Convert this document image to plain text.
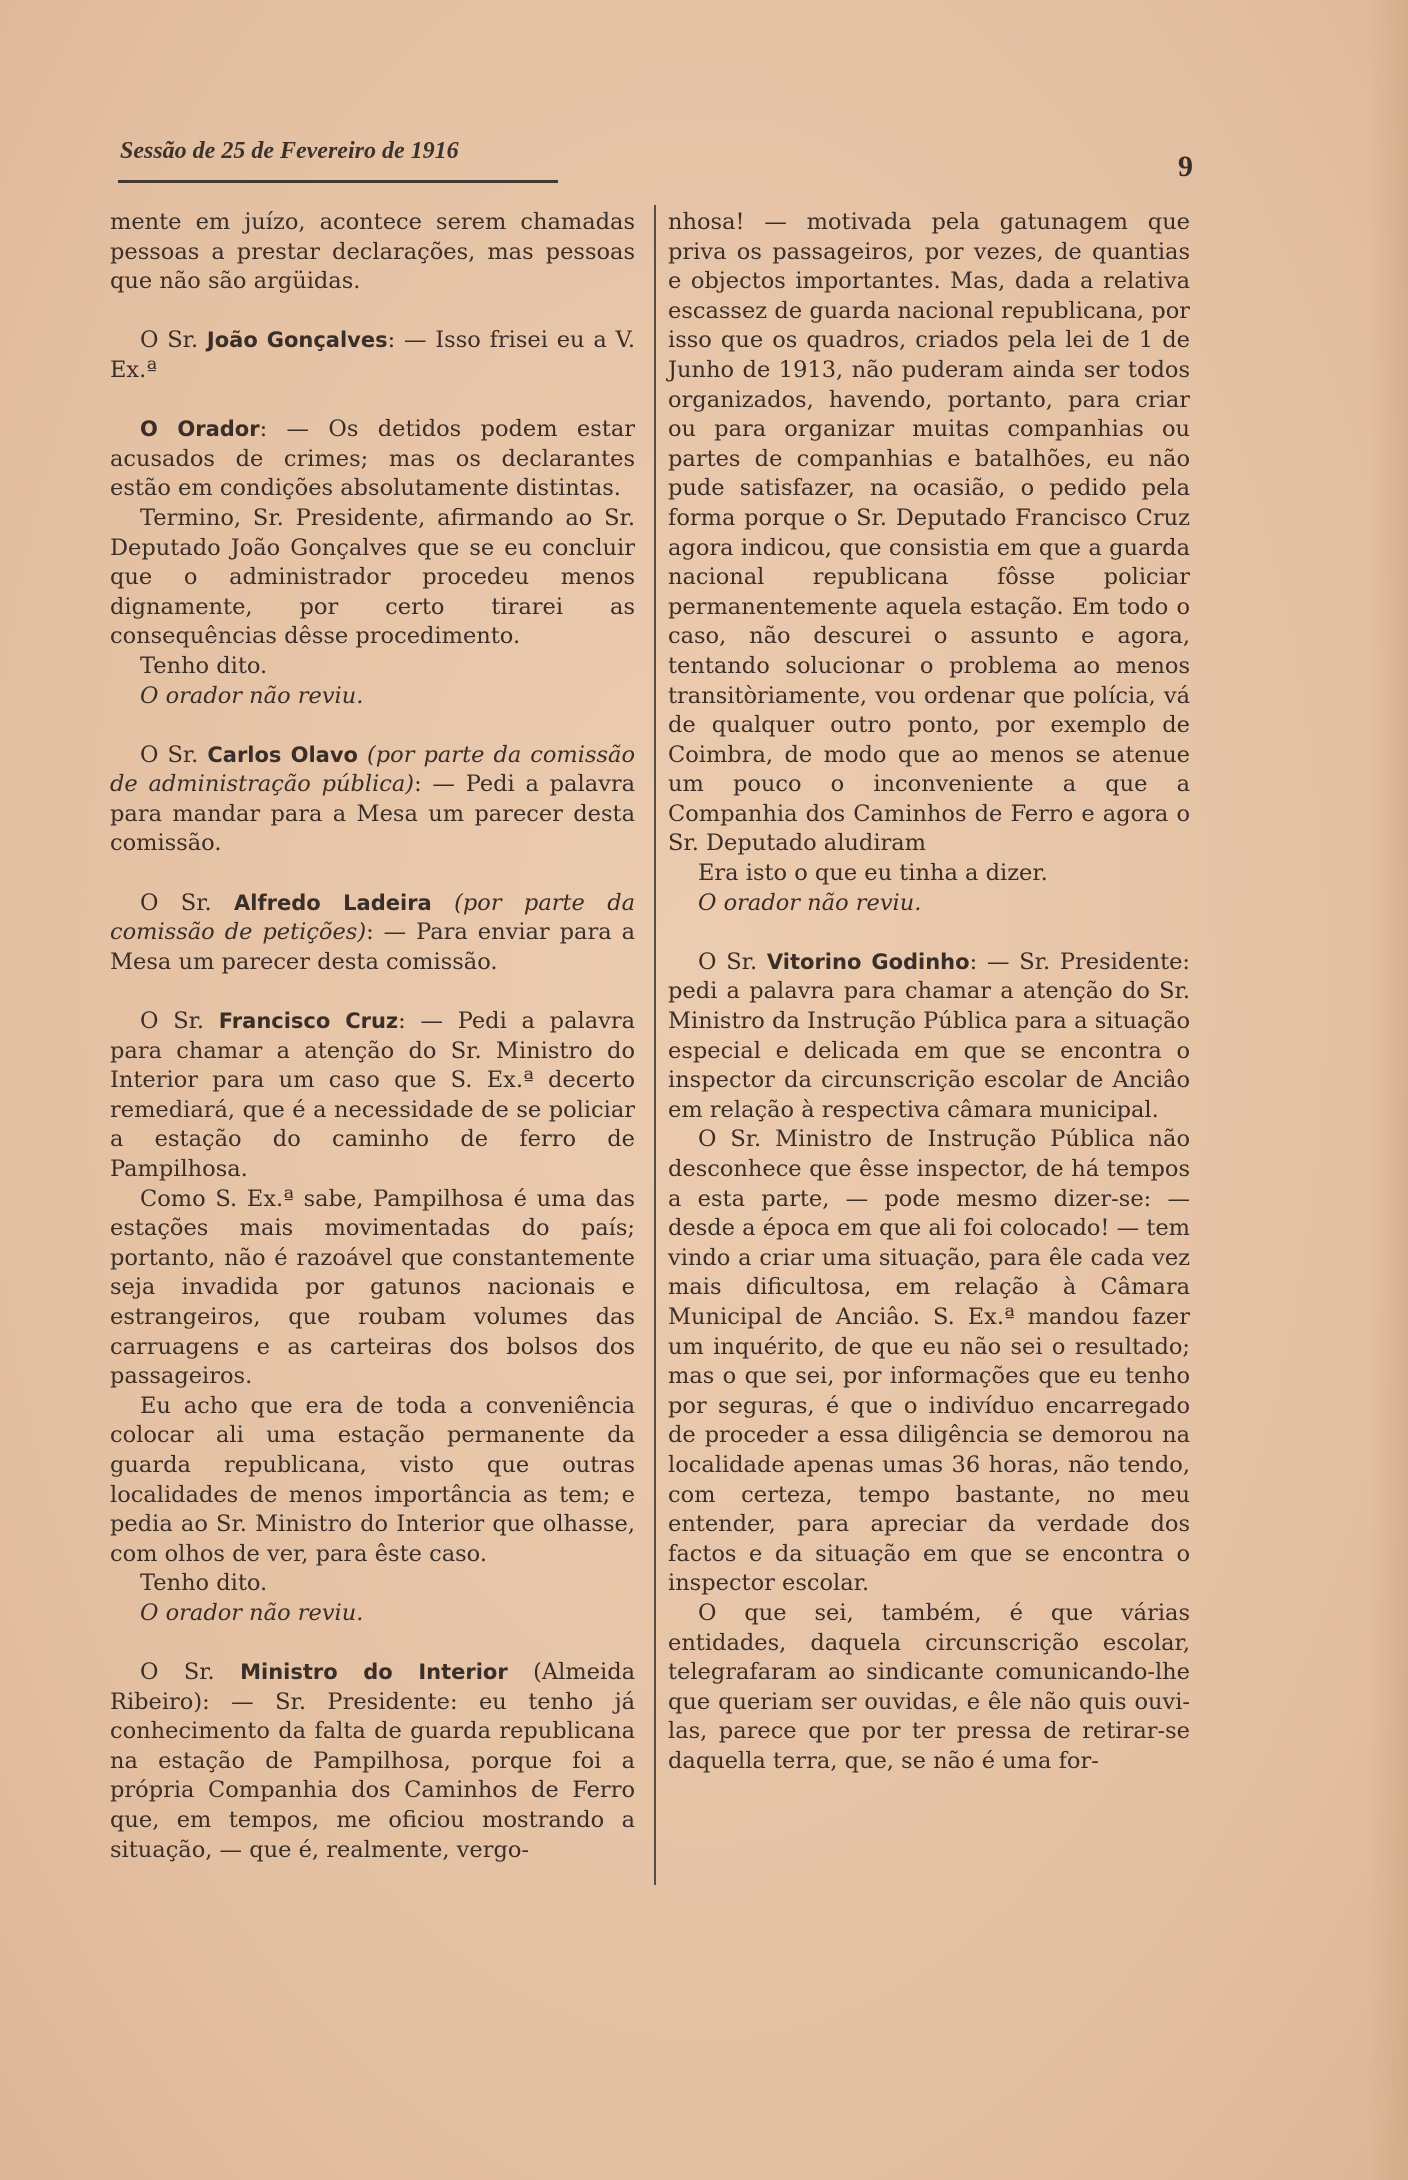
Sessão de 25 de Fevereiro de 1916	9

mente em juízo, acontece serem chamadas pessoas a prestar declarações, mas pessoas que não são argüidas.

O Sr. João Gonçalves: — Isso frisei eu a V. Ex.ª

O Orador: — Os detidos podem estar acusados de crimes; mas os declarantes estão em condições absolutamente distintas.

Termino, Sr. Presidente, afirmando ao Sr. Deputado João Gonçalves que se eu concluir que o administrador procedeu menos dignamente, por certo tirarei as consequências dêsse procedimento.

Tenho dito.

O orador não reviu.

O Sr. Carlos Olavo (por parte da comissão de administração pública): — Pedi a palavra para mandar para a Mesa um parecer desta comissão.

O Sr. Alfredo Ladeira (por parte da comissão de petições): — Para enviar para a Mesa um parecer desta comissão.

O Sr. Francisco Cruz: — Pedi a palavra para chamar a atenção do Sr. Ministro do Interior para um caso que S. Ex.ª decerto remediará, que é a necessidade de se policiar a estação do caminho de ferro de Pampilhosa.

Como S. Ex.ª sabe, Pampilhosa é uma das estações mais movimentadas do país; portanto, não é razoável que constantemente seja invadida por gatunos nacionais e estrangeiros, que roubam volumes das carruagens e as carteiras dos bolsos dos passageiros.

Eu acho que era de toda a conveniência colocar ali uma estação permanente da guarda republicana, visto que outras localidades de menos importância as tem; e pedia ao Sr. Ministro do Interior que olhasse, com olhos de ver, para êste caso.

Tenho dito.

O orador não reviu.

O Sr. Ministro do Interior (Almeida Ribeiro): — Sr. Presidente: eu tenho já conhecimento da falta de guarda republicana na estação de Pampilhosa, porque foi a própria Companhia dos Caminhos de Ferro que, em tempos, me oficiou mostrando a situação, — que é, realmente, vergo-

nhosa! — motivada pela gatunagem que priva os passageiros, por vezes, de quantias e objectos importantes. Mas, dada a relativa escassez de guarda nacional republicana, por isso que os quadros, criados pela lei de 1 de Junho de 1913, não puderam ainda ser todos organizados, havendo, portanto, para criar ou para organizar muitas companhias ou partes de companhias e batalhões, eu não pude satisfazer, na ocasião, o pedido pela forma porque o Sr. Deputado Francisco Cruz agora indicou, que consistia em que a guarda nacional republicana fôsse policiar permanentemente aquela estação. Em todo o caso, não descurei o assunto e agora, tentando solucionar o problema ao menos transitòriamente, vou ordenar que polícia, vá de qualquer outro ponto, por exemplo de Coimbra, de modo que ao menos se atenue um pouco o inconveniente a que a Companhia dos Caminhos de Ferro e agora o Sr. Deputado aludiram

Era isto o que eu tinha a dizer.

O orador não reviu.

O Sr. Vitorino Godinho: — Sr. Presidente: pedi a palavra para chamar a atenção do Sr. Ministro da Instrução Pública para a situação especial e delicada em que se encontra o inspector da circunscrição escolar de Anciâo em relação à respectiva câmara municipal.

O Sr. Ministro de Instrução Pública não desconhece que êsse inspector, de há tempos a esta parte, — pode mesmo dizer-se: — desde a época em que ali foi colocado! — tem vindo a criar uma situação, para êle cada vez mais dificultosa, em relação à Câmara Municipal de Anciâo. S. Ex.ª mandou fazer um inquérito, de que eu não sei o resultado; mas o que sei, por informações que eu tenho por seguras, é que o indivíduo encarregado de proceder a essa diligência se demorou na localidade apenas umas 36 horas, não tendo, com certeza, tempo bastante, no meu entender, para apreciar da verdade dos factos e da situação em que se encontra o inspector escolar.

O que sei, também, é que várias entidades, daquela circunscrição escolar, telegrafaram ao sindicante comunicando-lhe que queriam ser ouvidas, e êle não quis ouvi-las, parece que por ter pressa de retirar-se daquella terra, que, se não é uma for-
